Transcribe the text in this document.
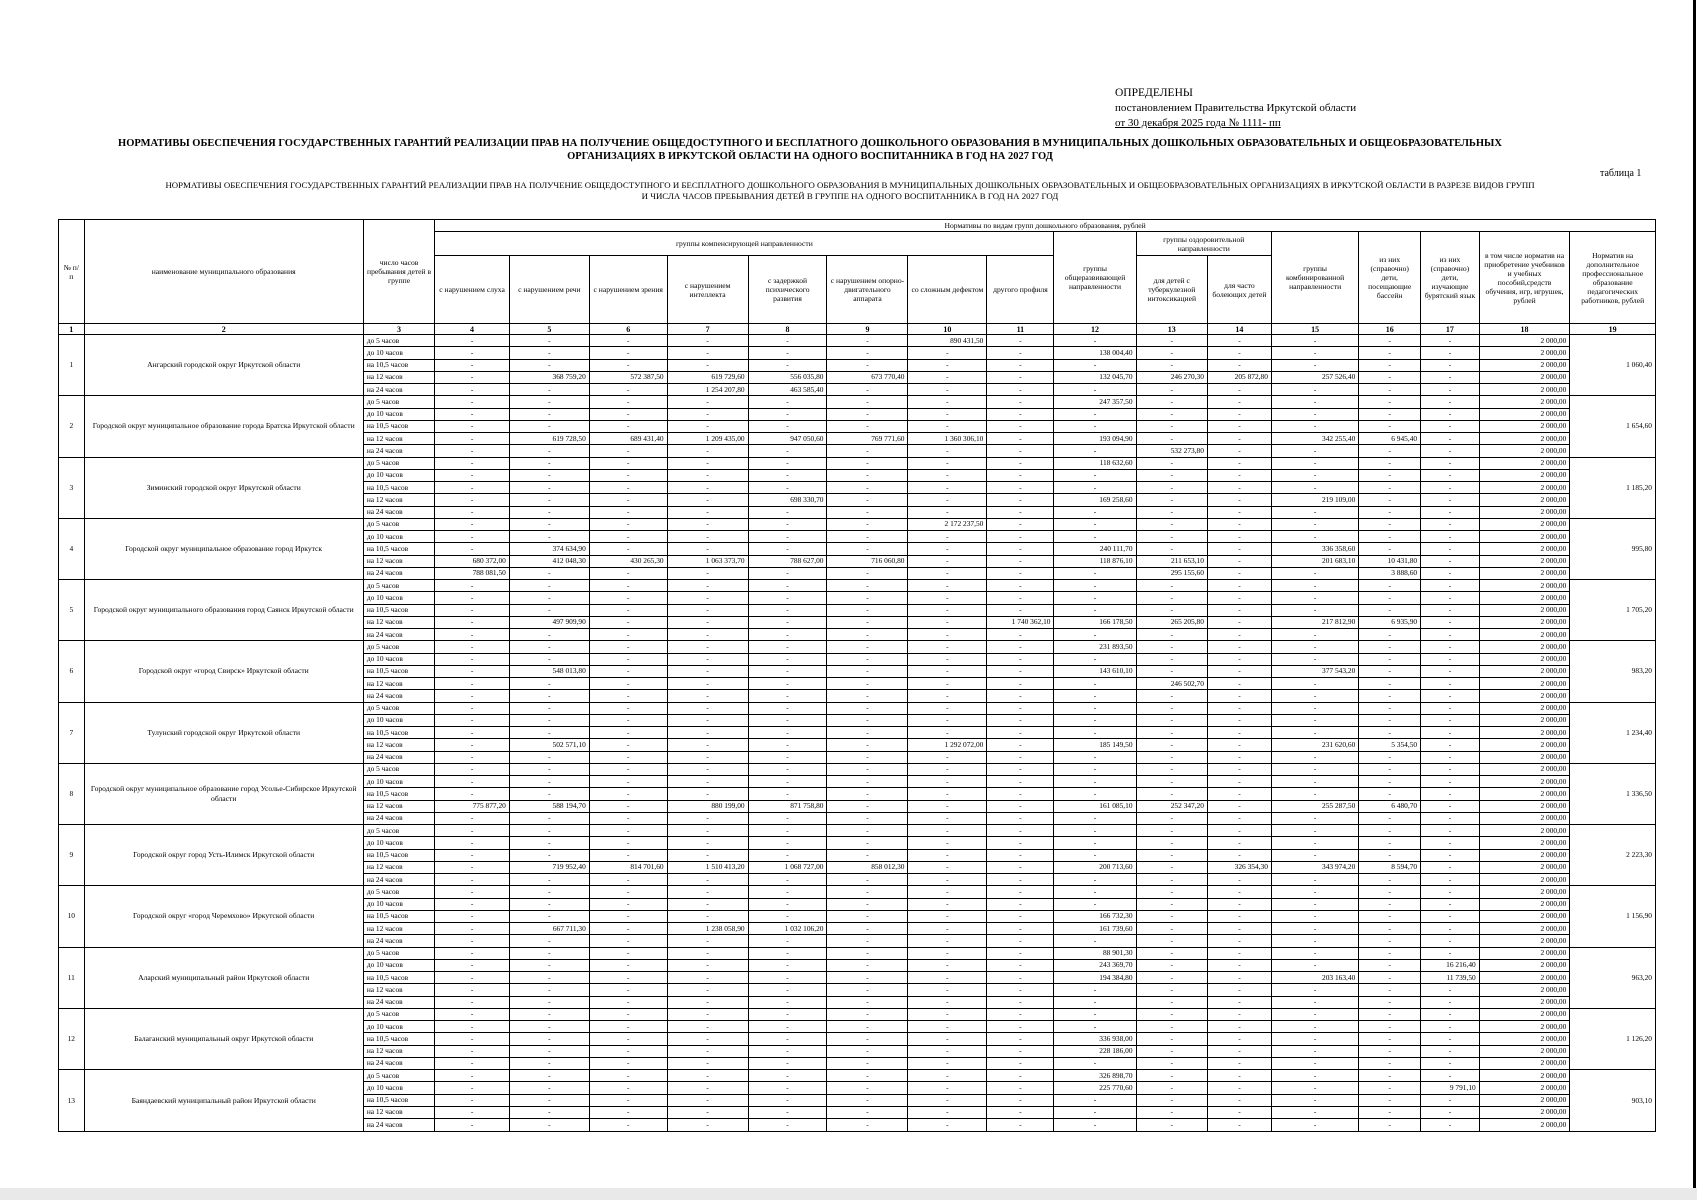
ОПРЕДЕЛЕНЫ
постановлением Правительства Иркутской области
от 30 декабря 2025 года № 1111- пп
НОРМАТИВЫ ОБЕСПЕЧЕНИЯ ГОСУДАРСТВЕННЫХ ГАРАНТИЙ РЕАЛИЗАЦИИ ПРАВ НА ПОЛУЧЕНИЕ ОБЩЕДОСТУПНОГО И БЕСПЛАТНОГО ДОШКОЛЬНОГО ОБРАЗОВАНИЯ В МУНИЦИПАЛЬНЫХ ДОШКОЛЬНЫХ ОБРАЗОВАТЕЛЬНЫХ И ОБЩЕОБРАЗОВАТЕЛЬНЫХ
ОРГАНИЗАЦИЯХ В ИРКУТСКОЙ ОБЛАСТИ НА ОДНОГО ВОСПИТАННИКА В ГОД НА 2027 ГОД
таблица 1
НОРМАТИВЫ ОБЕСПЕЧЕНИЯ ГОСУДАРСТВЕННЫХ ГАРАНТИЙ РЕАЛИЗАЦИИ ПРАВ НА ПОЛУЧЕНИЕ ОБЩЕДОСТУПНОГО И БЕСПЛАТНОГО ДОШКОЛЬНОГО ОБРАЗОВАНИЯ В МУНИЦИПАЛЬНЫХ ДОШКОЛЬНЫХ ОБРАЗОВАТЕЛЬНЫХ И ОБЩЕОБРАЗОВАТЕЛЬНЫХ ОРГАНИЗАЦИЯХ В ИРКУТСКОЙ ОБЛАСТИ В РАЗРЕЗЕ ВИДОВ ГРУПП
И ЧИСЛА ЧАСОВ ПРЕБЫВАНИЯ ДЕТЕЙ В ГРУППЕ НА ОДНОГО ВОСПИТАННИКА В ГОД НА 2027 ГОД
№ п/п	наименование муниципального образования	число часов пребывания детей в группе	Нормативы по видам групп дошкольного образования, рублей															
			группы компенсирующей направленности								группы общеразвивающей направленности	группы оздоровительной направленности		группы комбинированной направленности	из них (справочно) дети, посещающие бассейн	из них (справочно) дети, изучающие бурятский язык	в том числе норматив на приобретение учебников и учебных пособий,средств обучения, игр, игрушек, рублей	Норматив на дополнительное профессиональное образование педагогических работников, рублей
			с нарушением слуха	с нарушением речи	с нарушением зрения	с нарушением интеллекта	с задержкой психического развития	с нарушением опорно-двигательного аппарата	со сложным дефектом	другого профиля		для детей с туберкулезной интоксикацией	для часто болеющих детей					

1	2	3	4	5	6	7	8	9	10	11	12	13	14	15	16	17	18	19
1	Ангарский городской округ Иркутской области	до 5 часов	-	-	-	-	-	-	890 431,50	-	-	-	-	-	-	-	2 000,00	1 060,40
		до 10 часов	-	-	-	-	-	-	-	-	138 004,40	-	-	-	-	-	2 000,00	
		на 10,5 часов	-	-	-	-	-	-	-	-	-	-	-	-	-	-	2 000,00	
		на 12 часов	-	368 759,20	572 387,50	619 729,60	556 035,80	673 770,40	-	-	132 045,70	246 270,30	205 872,80	257 526,40	-	-	2 000,00	
		на 24 часов	-	-	-	1 254 207,80	463 585,40	-	-	-	-	-	-	-	-	-	2 000,00	
2	Городской округ муниципальное образование города Братска Иркутской области	до 5 часов	-	-	-	-	-	-	-	-	247 357,50	-	-	-	-	-	2 000,00	1 654,60
		до 10 часов	-	-	-	-	-	-	-	-	-	-	-	-	-	-	2 000,00	
		на 10,5 часов	-	-	-	-	-	-	-	-	-	-	-	-	-	-	2 000,00	
		на 12 часов	-	619 728,50	689 431,40	1 209 435,00	947 050,60	769 771,60	1 360 306,10	-	193 094,90	-	-	342 255,40	6 945,40	-	2 000,00	
		на 24 часов	-	-	-	-	-	-	-	-	-	532 273,80	-	-	-	-	2 000,00	
3	Зиминский городской округ Иркутской области	до 5 часов	-	-	-	-	-	-	-	-	118 632,60	-	-	-	-	-	2 000,00	1 185,20
		до 10 часов	-	-	-	-	-	-	-	-	-	-	-	-	-	-	2 000,00	
		на 10,5 часов	-	-	-	-	-	-	-	-	-	-	-	-	-	-	2 000,00	
		на 12 часов	-	-	-	-	698 330,70	-	-	-	169 258,60	-	-	219 109,00	-	-	2 000,00	
		на 24 часов	-	-	-	-	-	-	-	-	-	-	-	-	-	-	2 000,00	
4	Городской округ муниципальное образование город Иркутск	до 5 часов	-	-	-	-	-	-	2 172 237,50	-	-	-	-	-	-	-	2 000,00	995,80
		до 10 часов	-	-	-	-	-	-	-	-	-	-	-	-	-	-	2 000,00	
		на 10,5 часов	-	374 634,90	-	-	-	-	-	-	240 111,70	-	-	336 358,60	-	-	2 000,00	
		на 12 часов	680 372,00	412 048,30	430 265,30	1 063 373,70	788 627,00	716 060,80	-	-	118 876,10	211 653,10	-	201 683,10	10 431,80	-	2 000,00	
		на 24 часов	788 081,50	-	-	-	-	-	-	-	-	295 155,60	-	-	3 888,60	-	2 000,00	
5	Городской округ муниципального образования город Саянск Иркутской области	до 5 часов	-	-	-	-	-	-	-	-	-	-	-	-	-	-	2 000,00	1 705,20
		до 10 часов	-	-	-	-	-	-	-	-	-	-	-	-	-	-	2 000,00	
		на 10,5 часов	-	-	-	-	-	-	-	-	-	-	-	-	-	-	2 000,00	
		на 12 часов	-	497 909,90	-	-	-	-	-	1 740 362,10	166 178,50	265 205,80	-	217 812,90	6 935,90	-	2 000,00	
		на 24 часов	-	-	-	-	-	-	-	-	-	-	-	-	-	-	2 000,00	
6	Городской округ «город Свирск» Иркутской области	до 5 часов	-	-	-	-	-	-	-	-	231 893,50	-	-	-	-	-	2 000,00	983,20
		до 10 часов	-	-	-	-	-	-	-	-	-	-	-	-	-	-	2 000,00	
		на 10,5 часов	-	548 013,80	-	-	-	-	-	-	143 610,10	-	-	377 543,20	-	-	2 000,00	
		на 12 часов	-	-	-	-	-	-	-	-	-	246 502,70	-	-	-	-	2 000,00	
		на 24 часов	-	-	-	-	-	-	-	-	-	-	-	-	-	-	2 000,00	
7	Тулунский городской округ Иркутской области	до 5 часов	-	-	-	-	-	-	-	-	-	-	-	-	-	-	2 000,00	1 234,40
		до 10 часов	-	-	-	-	-	-	-	-	-	-	-	-	-	-	2 000,00	
		на 10,5 часов	-	-	-	-	-	-	-	-	-	-	-	-	-	-	2 000,00	
		на 12 часов	-	502 571,10	-	-	-	-	1 292 072,00	-	185 149,50	-	-	231 620,60	5 354,50	-	2 000,00	
		на 24 часов	-	-	-	-	-	-	-	-	-	-	-	-	-	-	2 000,00	
8	Городской округ муниципальное образование город Усолье-Сибирское Иркутской области	до 5 часов	-	-	-	-	-	-	-	-	-	-	-	-	-	-	2 000,00	1 336,50
		до 10 часов	-	-	-	-	-	-	-	-	-	-	-	-	-	-	2 000,00	
		на 10,5 часов	-	-	-	-	-	-	-	-	-	-	-	-	-	-	2 000,00	
		на 12 часов	775 877,20	588 194,70	-	880 199,00	871 758,80	-	-	-	161 085,10	252 347,20	-	255 287,50	6 480,70	-	2 000,00	
		на 24 часов	-	-	-	-	-	-	-	-	-	-	-	-	-	-	2 000,00	
9	Городской округ город Усть-Илимск Иркутской области	до 5 часов	-	-	-	-	-	-	-	-	-	-	-	-	-	-	2 000,00	2 223,30
		до 10 часов	-	-	-	-	-	-	-	-	-	-	-	-	-	-	2 000,00	
		на 10,5 часов	-	-	-	-	-	-	-	-	-	-	-	-	-	-	2 000,00	
		на 12 часов	-	719 952,40	814 701,60	1 510 413,20	1 068 727,00	858 012,30	-	-	200 713,60	-	326 354,30	343 974,20	8 594,70	-	2 000,00	
		на 24 часов	-	-	-	-	-	-	-	-	-	-	-	-	-	-	2 000,00	
10	Городской округ «город Черемхово» Иркутской области	до 5 часов	-	-	-	-	-	-	-	-	-	-	-	-	-	-	2 000,00	1 156,90
		до 10 часов	-	-	-	-	-	-	-	-	-	-	-	-	-	-	2 000,00	
		на 10,5 часов	-	-	-	-	-	-	-	-	166 732,30	-	-	-	-	-	2 000,00	
		на 12 часов	-	667 711,30	-	1 238 058,90	1 032 106,20	-	-	-	161 739,60	-	-	-	-	-	2 000,00	
		на 24 часов	-	-	-	-	-	-	-	-	-	-	-	-	-	-	2 000,00	
11	Аларский муниципальный район Иркутской области	до 5 часов	-	-	-	-	-	-	-	-	88 901,30	-	-	-	-	-	2 000,00	963,20
		до 10 часов	-	-	-	-	-	-	-	-	243 369,70	-	-	-	-	16 216,40	2 000,00	
		на 10,5 часов	-	-	-	-	-	-	-	-	194 384,80	-	-	203 163,40	-	11 739,50	2 000,00	
		на 12 часов	-	-	-	-	-	-	-	-	-	-	-	-	-	-	2 000,00	
		на 24 часов	-	-	-	-	-	-	-	-	-	-	-	-	-	-	2 000,00	
12	Балаганский муниципальный округ Иркутской области	до 5 часов	-	-	-	-	-	-	-	-	-	-	-	-	-	-	2 000,00	1 126,20
		до 10 часов	-	-	-	-	-	-	-	-	-	-	-	-	-	-	2 000,00	
		на 10,5 часов	-	-	-	-	-	-	-	-	336 938,00	-	-	-	-	-	2 000,00	
		на 12 часов	-	-	-	-	-	-	-	-	228 186,00	-	-	-	-	-	2 000,00	
		на 24 часов	-	-	-	-	-	-	-	-	-	-	-	-	-	-	2 000,00	
13	Баяндаевский муниципальный район Иркутской области	до 5 часов	-	-	-	-	-	-	-	-	326 898,70	-	-	-	-	-	2 000,00	903,10
		до 10 часов	-	-	-	-	-	-	-	-	225 770,60	-	-	-	-	9 791,10	2 000,00	
		на 10,5 часов	-	-	-	-	-	-	-	-	-	-	-	-	-	-	2 000,00	
		на 12 часов	-	-	-	-	-	-	-	-	-	-	-	-	-	-	2 000,00	
		на 24 часов	-	-	-	-	-	-	-	-	-	-	-	-	-	-	2 000,00	
